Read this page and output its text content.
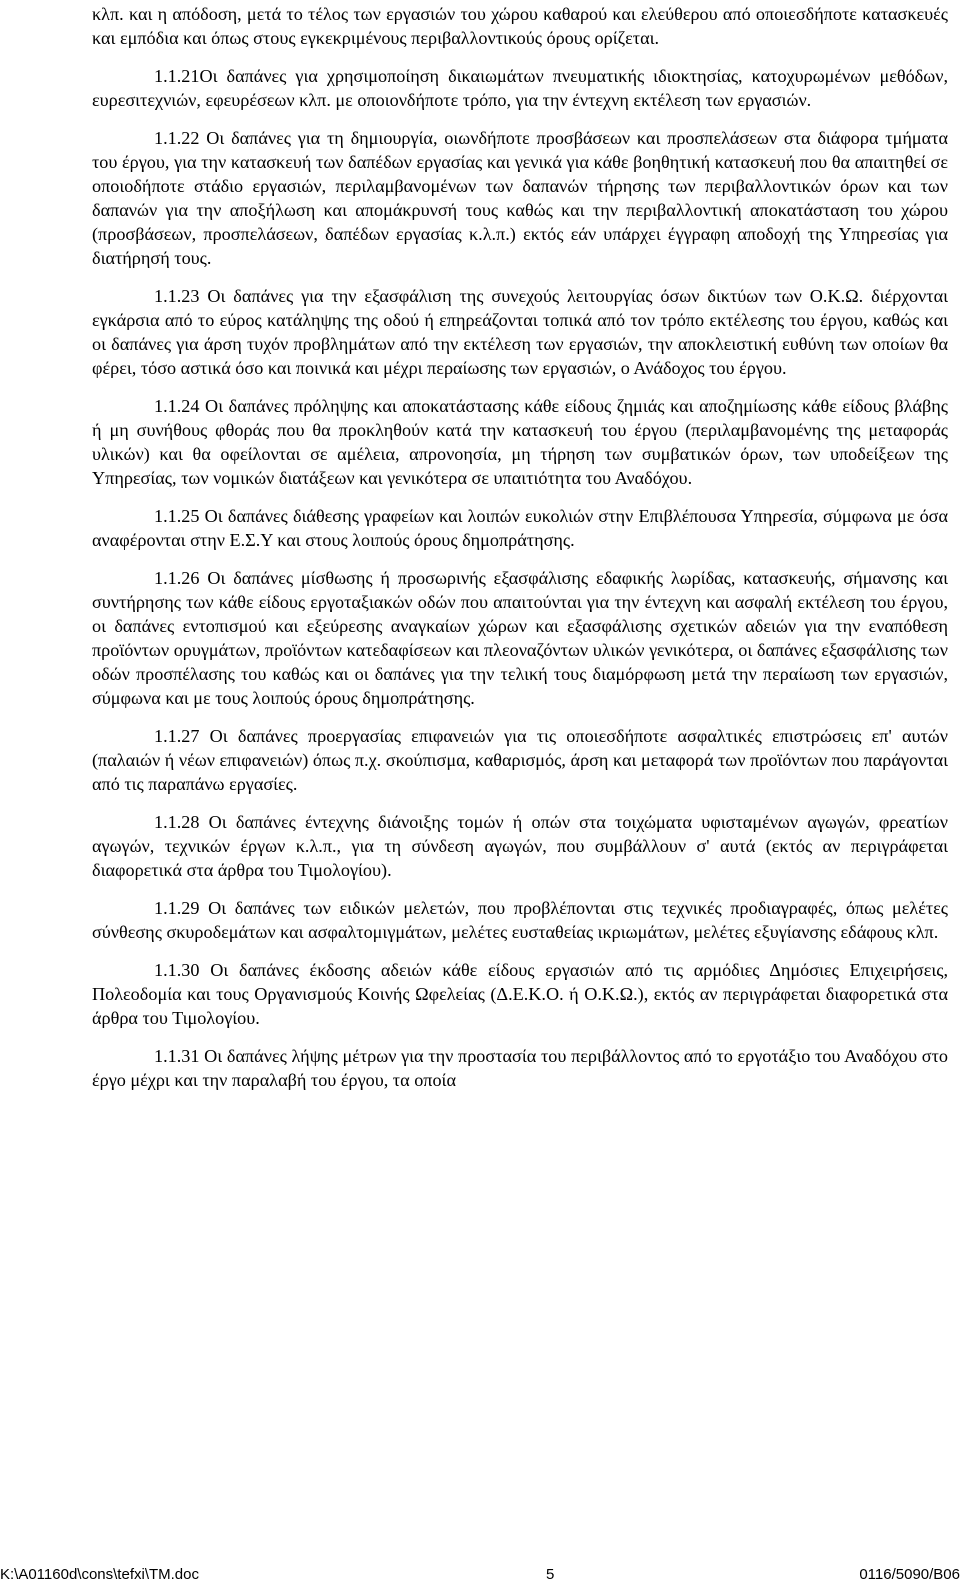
κλπ. και η απόδοση, μετά το τέλος των εργασιών του χώρου καθαρού και ελεύθερου από οποιεσδήποτε κατασκευές και εμπόδια και όπως στους εγκεκριμένους περιβαλλοντικούς όρους ορίζεται.

1.1.21Οι δαπάνες για χρησιμοποίηση δικαιωμάτων πνευματικής ιδιοκτησίας, κατοχυρωμένων μεθόδων, ευρεσιτεχνιών, εφευρέσεων κλπ. με οποιονδήποτε τρόπο, για την έντεχνη εκτέλεση των εργασιών.

1.1.22 Οι δαπάνες για τη δημιουργία, οιωνδήποτε προσβάσεων και προσπελάσεων στα διάφορα τμήματα του έργου, για την κατασκευή των δαπέδων εργασίας και γενικά για κάθε βοηθητική κατασκευή που θα απαιτηθεί σε οποιοδήποτε στάδιο εργασιών, περιλαμβανομένων των δαπανών τήρησης των περιβαλλοντικών όρων και των δαπανών για την αποξήλωση και απομάκρυνσή τους καθώς και την περιβαλλοντική αποκατάσταση του χώρου (προσβάσεων, προσπελάσεων, δαπέδων εργασίας κ.λ.π.) εκτός εάν υπάρχει έγγραφη αποδοχή της Υπηρεσίας για διατήρησή τους.

1.1.23 Οι δαπάνες για την εξασφάλιση της συνεχούς λειτουργίας όσων δικτύων των Ο.Κ.Ω. διέρχονται εγκάρσια από το εύρος κατάληψης της οδού ή επηρεάζονται τοπικά από τον τρόπο εκτέλεσης του έργου, καθώς και οι δαπάνες για άρση τυχόν προβλημάτων από την εκτέλεση των εργασιών, την αποκλειστική ευθύνη των οποίων θα φέρει, τόσο αστικά όσο και ποινικά και μέχρι περαίωσης των εργασιών, ο Ανάδοχος του έργου.

1.1.24 Οι δαπάνες πρόληψης και αποκατάστασης κάθε είδους ζημιάς και αποζημίωσης κάθε είδους βλάβης ή μη συνήθους φθοράς που θα προκληθούν κατά την κατασκευή του έργου (περιλαμβανομένης της μεταφοράς υλικών) και θα οφείλονται σε αμέλεια, απρονοησία, μη τήρηση των συμβατικών όρων, των υποδείξεων της Υπηρεσίας, των νομικών διατάξεων και γενικότερα σε υπαιτιότητα του Αναδόχου.

1.1.25 Οι δαπάνες διάθεσης γραφείων και λοιπών ευκολιών στην Επιβλέπουσα Υπηρεσία, σύμφωνα με όσα αναφέρονται στην Ε.Σ.Υ και στους λοιπούς όρους δημοπράτησης.

1.1.26 Οι δαπάνες μίσθωσης ή προσωρινής εξασφάλισης εδαφικής λωρίδας, κατασκευής, σήμανσης και συντήρησης των κάθε είδους εργοταξιακών οδών που απαιτούνται για την έντεχνη και ασφαλή εκτέλεση του έργου, οι δαπάνες εντοπισμού και εξεύρεσης αναγκαίων χώρων και εξασφάλισης σχετικών αδειών για την εναπόθεση προϊόντων ορυγμάτων, προϊόντων κατεδαφίσεων και πλεοναζόντων υλικών γενικότερα, οι δαπάνες εξασφάλισης των οδών προσπέλασης του καθώς και οι δαπάνες για την τελική τους διαμόρφωση μετά την περαίωση των εργασιών, σύμφωνα και με τους λοιπούς όρους δημοπράτησης.

1.1.27 Οι δαπάνες προεργασίας επιφανειών για τις οποιεσδήποτε ασφαλτικές επιστρώσεις επ' αυτών (παλαιών ή νέων επιφανειών) όπως π.χ. σκούπισμα, καθαρισμός, άρση και μεταφορά των προϊόντων που παράγονται από τις παραπάνω εργασίες.

1.1.28 Οι δαπάνες έντεχνης διάνοιξης τομών ή οπών στα τοιχώματα υφισταμένων αγωγών, φρεατίων αγωγών, τεχνικών έργων κ.λ.π., για τη σύνδεση αγωγών, που συμβάλλουν σ' αυτά (εκτός αν περιγράφεται διαφορετικά στα άρθρα του Τιμολογίου).

1.1.29 Οι δαπάνες των ειδικών μελετών, που προβλέπονται στις τεχνικές προδιαγραφές, όπως μελέτες σύνθεσης σκυροδεμάτων και ασφαλτομιγμάτων, μελέτες ευσταθείας ικριωμάτων, μελέτες εξυγίανσης εδάφους κλπ.

1.1.30 Οι δαπάνες έκδοσης αδειών κάθε είδους εργασιών από τις αρμόδιες Δημόσιες Επιχειρήσεις, Πολεοδομία και τους Οργανισμούς Κοινής Ωφελείας (Δ.Ε.Κ.Ο. ή Ο.Κ.Ω.), εκτός αν περιγράφεται διαφορετικά στα άρθρα του Τιμολογίου.

1.1.31 Οι δαπάνες λήψης μέτρων για την προστασία του περιβάλλοντος από το εργοτάξιο του Αναδόχου στο έργο μέχρι και την παραλαβή του έργου, τα οποία

K:\A01160d\cons\tefxi\TM.doc	5	0116/5090/B06
